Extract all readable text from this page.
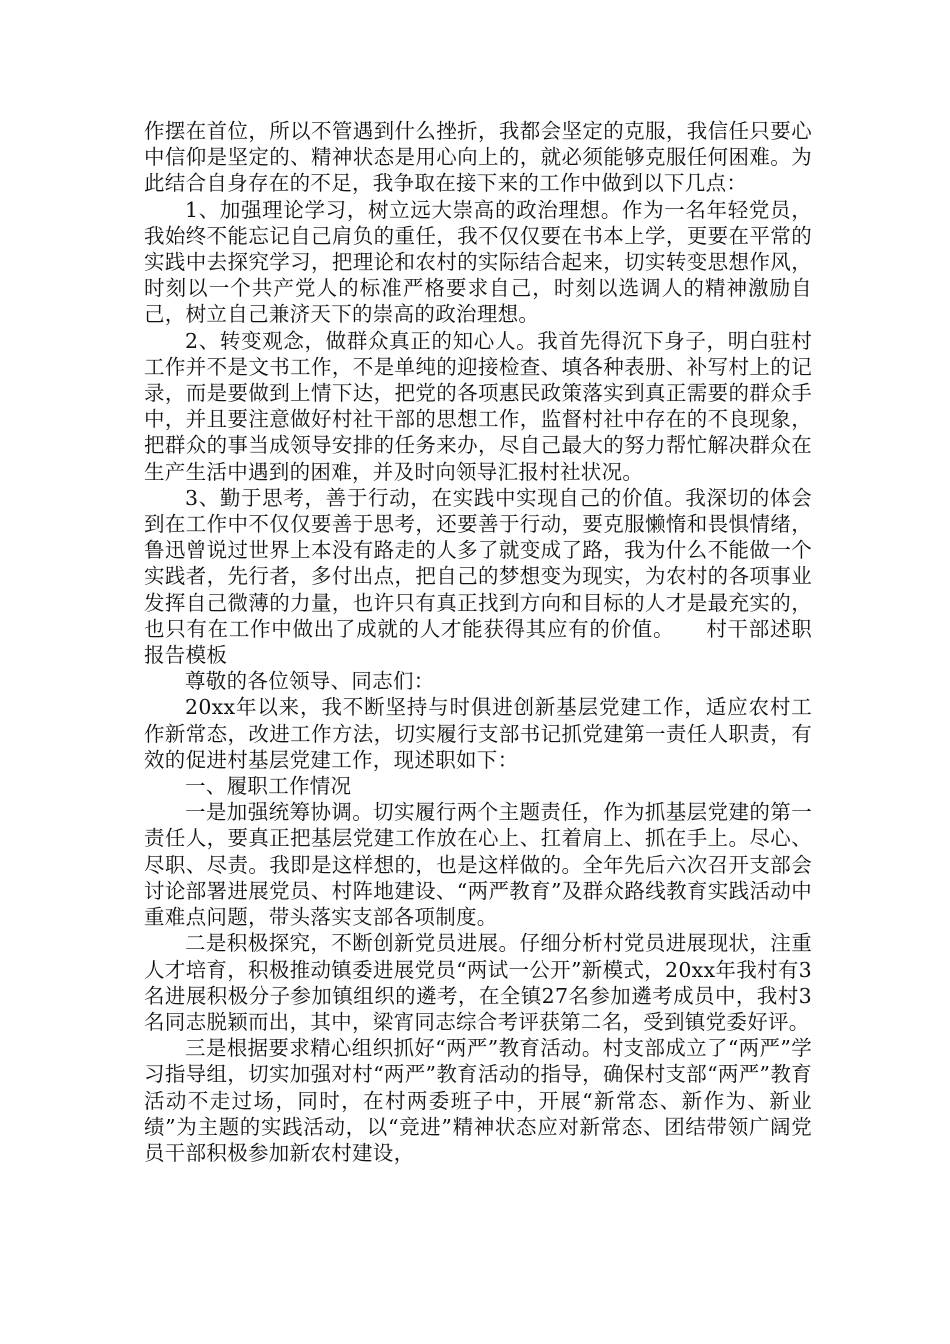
作摆在首位，所以不管遇到什么挫折，我都会坚定的克服，我信任只要心中信仰是坚定的、精神状态是用心向上的，就必须能够克服任何困难。为此结合自身存在的不足，我争取在接下来的工作中做到以下几点：

1、加强理论学习，树立远大崇高的政治理想。作为一名年轻党员，我始终不能忘记自己肩负的重任，我不仅仅要在书本上学，更要在平常的实践中去探究学习，把理论和农村的实际结合起来，切实转变思想作风，时刻以一个共产党人的标准严格要求自己，时刻以选调人的精神激励自己，树立自己兼济天下的崇高的政治理想。

2、转变观念，做群众真正的知心人。我首先得沉下身子，明白驻村工作并不是文书工作，不是单纯的迎接检查、填各种表册、补写村上的记录，而是要做到上情下达，把党的各项惠民政策落实到真正需要的群众手中，并且要注意做好村社干部的思想工作，监督村社中存在的不良现象，把群众的事当成领导安排的任务来办，尽自己最大的努力帮忙解决群众在生产生活中遇到的困难，并及时向领导汇报村社状况。

3、勤于思考，善于行动，在实践中实现自己的价值。我深切的体会到在工作中不仅仅要善于思考，还要善于行动，要克服懒惰和畏惧情绪，鲁迅曾说过世界上本没有路走的人多了就变成了路，我为什么不能做一个实践者，先行者，多付出点，把自己的梦想变为现实，为农村的各项事业发挥自己微薄的力量，也许只有真正找到方向和目标的人才是最充实的，也只有在工作中做出了成就的人才能获得其应有的价值。　　村干部述职报告模板

尊敬的各位领导、同志们：

20xx年以来，我不断坚持与时俱进创新基层党建工作，适应农村工作新常态，改进工作方法，切实履行支部书记抓党建第一责任人职责，有效的促进村基层党建工作，现述职如下：

一、履职工作情况

一是加强统筹协调。切实履行两个主题责任，作为抓基层党建的第一责任人，要真正把基层党建工作放在心上、扛着肩上、抓在手上。尽心、尽职、尽责。我即是这样想的，也是这样做的。全年先后六次召开支部会讨论部署进展党员、村阵地建设、“两严教育”及群众路线教育实践活动中重难点问题，带头落实支部各项制度。

二是积极探究，不断创新党员进展。仔细分析村党员进展现状，注重人才培育，积极推动镇委进展党员“两试一公开”新模式，20xx年我村有3名进展积极分子参加镇组织的遴考，在全镇27名参加遴考成员中，我村3名同志脱颖而出，其中，梁宵同志综合考评获第二名，受到镇党委好评。

三是根据要求精心组织抓好“两严”教育活动。村支部成立了“两严”学习指导组，切实加强对村“两严”教育活动的指导，确保村支部“两严”教育活动不走过场，同时，在村两委班子中，开展“新常态、新作为、新业绩”为主题的实践活动，以“竞进”精神状态应对新常态、团结带领广阔党员干部积极参加新农村建设，
